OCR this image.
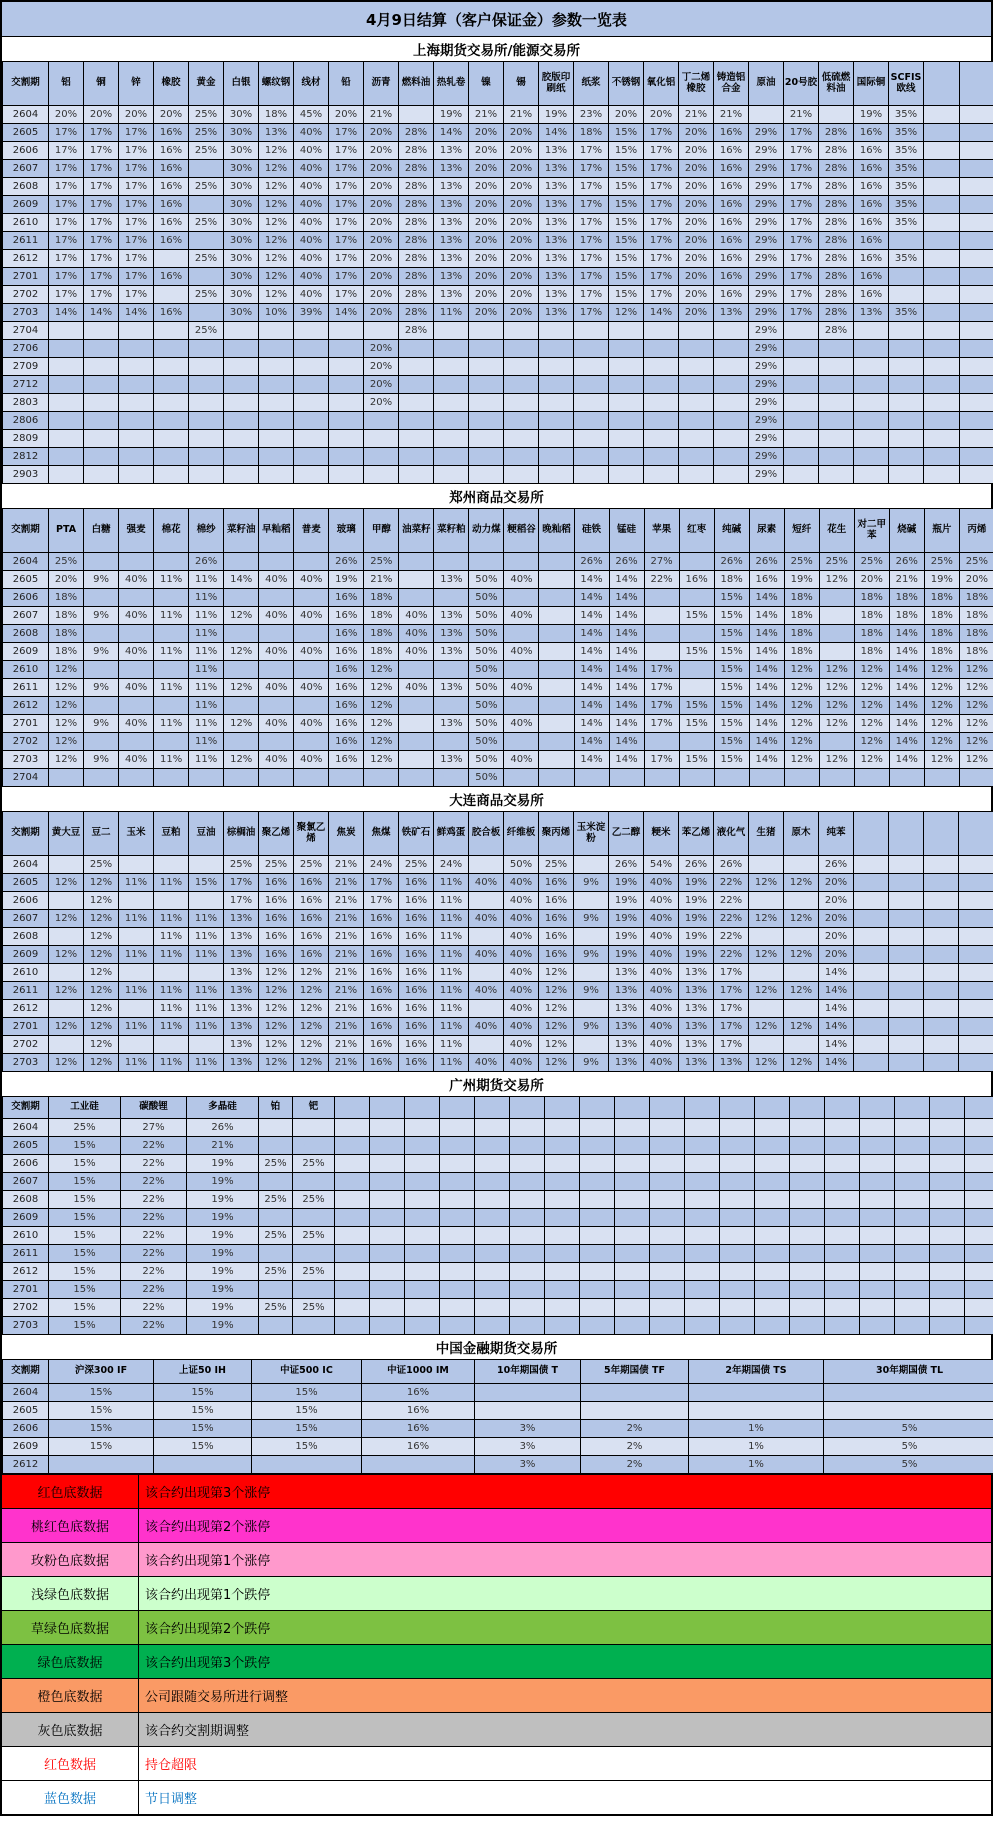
4月9日结算（客户保证金）参数一览表
上海期货交易所/能源交易所
交割期	铝	铜	锌	橡胶	黄金	白银	螺纹钢	线材	铅	沥青	燃料油	热轧卷	镍	锡	胶版印刷纸	纸浆	不锈钢	氧化铝	丁二烯橡胶	铸造铝合金	原油	20号胶	低硫燃料油	国际铜	SCFIS欧线		
2604	20%	20%	20%	20%	25%	30%	18%	45%	20%	21%		19%	21%	21%	19%	23%	20%	20%	21%	21%		21%		19%	35%		
2605	17%	17%	17%	16%	25%	30%	13%	40%	17%	20%	28%	14%	20%	20%	14%	18%	15%	17%	20%	16%	29%	17%	28%	16%	35%		
2606	17%	17%	17%	16%	25%	30%	12%	40%	17%	20%	28%	13%	20%	20%	13%	17%	15%	17%	20%	16%	29%	17%	28%	16%	35%		
2607	17%	17%	17%	16%		30%	12%	40%	17%	20%	28%	13%	20%	20%	13%	17%	15%	17%	20%	16%	29%	17%	28%	16%	35%		
2608	17%	17%	17%	16%	25%	30%	12%	40%	17%	20%	28%	13%	20%	20%	13%	17%	15%	17%	20%	16%	29%	17%	28%	16%	35%		
2609	17%	17%	17%	16%		30%	12%	40%	17%	20%	28%	13%	20%	20%	13%	17%	15%	17%	20%	16%	29%	17%	28%	16%	35%		
2610	17%	17%	17%	16%	25%	30%	12%	40%	17%	20%	28%	13%	20%	20%	13%	17%	15%	17%	20%	16%	29%	17%	28%	16%	35%		
2611	17%	17%	17%	16%		30%	12%	40%	17%	20%	28%	13%	20%	20%	13%	17%	15%	17%	20%	16%	29%	17%	28%	16%			
2612	17%	17%	17%		25%	30%	12%	40%	17%	20%	28%	13%	20%	20%	13%	17%	15%	17%	20%	16%	29%	17%	28%	16%	35%		
2701	17%	17%	17%	16%		30%	12%	40%	17%	20%	28%	13%	20%	20%	13%	17%	15%	17%	20%	16%	29%	17%	28%	16%			
2702	17%	17%	17%		25%	30%	12%	40%	17%	20%	28%	13%	20%	20%	13%	17%	15%	17%	20%	16%	29%	17%	28%	16%			
2703	14%	14%	14%	16%		30%	10%	39%	14%	20%	28%	11%	20%	20%	13%	17%	12%	14%	20%	13%	29%	17%	28%	13%	35%		
2704					25%						28%										29%		28%				
2706										20%											29%						
2709										20%											29%						
2712										20%											29%						
2803										20%											29%						
2806																					29%						
2809																					29%						
2812																					29%						
2903																					29%						
郑州商品交易所
交割期	PTA	白糖	强麦	棉花	棉纱	菜籽油	早籼稻	普麦	玻璃	甲醇	油菜籽	菜籽粕	动力煤	粳稻谷	晚籼稻	硅铁	锰硅	苹果	红枣	纯碱	尿素	短纤	花生	对二甲苯	烧碱	瓶片	丙烯
2604	25%				26%				26%	25%						26%	26%	27%		26%	26%	25%	25%	25%	26%	25%	25%
2605	20%	9%	40%	11%	11%	14%	40%	40%	19%	21%		13%	50%	40%		14%	14%	22%	16%	18%	16%	19%	12%	20%	21%	19%	20%
2606	18%				11%				16%	18%			50%			14%	14%			15%	14%	18%		18%	18%	18%	18%
2607	18%	9%	40%	11%	11%	12%	40%	40%	16%	18%	40%	13%	50%	40%		14%	14%		15%	15%	14%	18%		18%	18%	18%	18%
2608	18%				11%				16%	18%	40%	13%	50%			14%	14%			15%	14%	18%		18%	14%	18%	18%
2609	18%	9%	40%	11%	11%	12%	40%	40%	16%	18%	40%	13%	50%	40%		14%	14%		15%	15%	14%	18%		18%	14%	18%	18%
2610	12%				11%				16%	12%			50%			14%	14%	17%		15%	14%	12%	12%	12%	14%	12%	12%
2611	12%	9%	40%	11%	11%	12%	40%	40%	16%	12%	40%	13%	50%	40%		14%	14%	17%		15%	14%	12%	12%	12%	14%	12%	12%
2612	12%				11%				16%	12%			50%			14%	14%	17%	15%	15%	14%	12%	12%	12%	14%	12%	12%
2701	12%	9%	40%	11%	11%	12%	40%	40%	16%	12%		13%	50%	40%		14%	14%	17%	15%	15%	14%	12%	12%	12%	14%	12%	12%
2702	12%				11%				16%	12%			50%			14%	14%			15%	14%	12%		12%	14%	12%	12%
2703	12%	9%	40%	11%	11%	12%	40%	40%	16%	12%		13%	50%	40%		14%	14%	17%	15%	15%	14%	12%	12%	12%	14%	12%	12%
2704													50%														
大连商品交易所
交割期	黄大豆	豆二	玉米	豆粕	豆油	棕榈油	聚乙烯	聚氯乙烯	焦炭	焦煤	铁矿石	鲜鸡蛋	胶合板	纤维板	聚丙烯	玉米淀粉	乙二醇	粳米	苯乙烯	液化气	生猪	原木	纯苯				
2604		25%				25%	25%	25%	21%	24%	25%	24%		50%	25%		26%	54%	26%	26%			26%				
2605	12%	12%	11%	11%	15%	17%	16%	16%	21%	17%	16%	11%	40%	40%	16%	9%	19%	40%	19%	22%	12%	12%	20%				
2606		12%				17%	16%	16%	21%	17%	16%	11%		40%	16%		19%	40%	19%	22%			20%				
2607	12%	12%	11%	11%	11%	13%	16%	16%	21%	16%	16%	11%	40%	40%	16%	9%	19%	40%	19%	22%	12%	12%	20%				
2608		12%		11%	11%	13%	16%	16%	21%	16%	16%	11%		40%	16%		19%	40%	19%	22%			20%				
2609	12%	12%	11%	11%	11%	13%	16%	16%	21%	16%	16%	11%	40%	40%	16%	9%	19%	40%	19%	22%	12%	12%	20%				
2610		12%				13%	12%	12%	21%	16%	16%	11%		40%	12%		13%	40%	13%	17%			14%				
2611	12%	12%	11%	11%	11%	13%	12%	12%	21%	16%	16%	11%	40%	40%	12%	9%	13%	40%	13%	17%	12%	12%	14%				
2612		12%		11%	11%	13%	12%	12%	21%	16%	16%	11%		40%	12%		13%	40%	13%	17%			14%				
2701	12%	12%	11%	11%	11%	13%	12%	12%	21%	16%	16%	11%	40%	40%	12%	9%	13%	40%	13%	17%	12%	12%	14%				
2702		12%				13%	12%	12%	21%	16%	16%	11%		40%	12%		13%	40%	13%	17%			14%				
2703	12%	12%	11%	11%	11%	13%	12%	12%	21%	16%	16%	11%	40%	40%	12%	9%	13%	40%	13%	13%	12%	12%	14%				
广州期货交易所
交割期	工业硅	碳酸锂	多晶硅	铂	钯																			
2604	25%	27%	26%																					
2605	15%	22%	21%																					
2606	15%	22%	19%	25%	25%																			
2607	15%	22%	19%																					
2608	15%	22%	19%	25%	25%																			
2609	15%	22%	19%																					
2610	15%	22%	19%	25%	25%																			
2611	15%	22%	19%																					
2612	15%	22%	19%	25%	25%																			
2701	15%	22%	19%																					
2702	15%	22%	19%	25%	25%																			
2703	15%	22%	19%																					
中国金融期货交易所
交割期	沪深300 IF	上证50 IH	中证500 IC	中证1000 IM	10年期国债 T	5年期国债 TF	2年期国债 TS	30年期国债 TL
2604	15%	15%	15%	16%				
2605	15%	15%	15%	16%				
2606	15%	15%	15%	16%	3%	2%	1%	5%
2609	15%	15%	15%	16%	3%	2%	1%	5%
2612					3%	2%	1%	5%
红色底数据	该合约出现第3个涨停
桃红色底数据	该合约出现第2个涨停
玫粉色底数据	该合约出现第1个涨停
浅绿色底数据	该合约出现第1个跌停
草绿色底数据	该合约出现第2个跌停
绿色底数据	该合约出现第3个跌停
橙色底数据	公司跟随交易所进行调整
灰色底数据	该合约交割期调整
红色数据	持仓超限
蓝色数据	节日调整
